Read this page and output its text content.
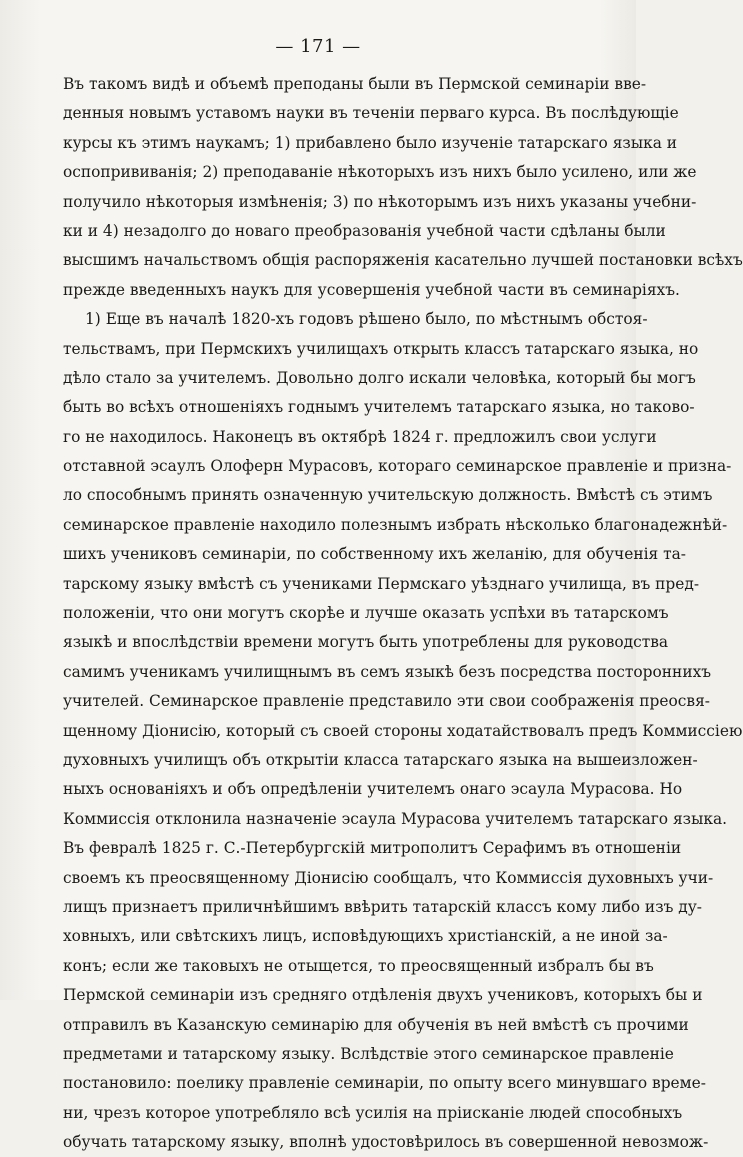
— 171 —
Въ такомъ видѣ и объемѣ преподаны были въ Пермской семинаріи вве-
денныя новымъ уставомъ науки въ теченіи перваго курса. Въ послѣдующіе
курсы къ этимъ наукамъ; 1) прибавлено было изученіе татарскаго языка и
оспопрививанія; 2) преподаваніе нѣкоторыхъ изъ нихъ было усилено, или же
получило нѣкоторыя измѣненія; 3) по нѣкоторымъ изъ нихъ указаны учебни-
ки и 4) незадолго до новаго преобразованія учебной части сдѣланы были
высшимъ начальствомъ общія распоряженія касательно лучшей постановки всѣхъ
прежде введенныхъ наукъ для усовершенія учебной части въ семинаріяхъ.
1) Еще въ началѣ 1820-хъ годовъ рѣшено было, по мѣстнымъ обстоя-
тельствамъ, при Пермскихъ училищахъ открыть классъ татарскаго языка, но
дѣло стало за учителемъ. Довольно долго искали человѣка, который бы могъ
быть во всѣхъ отношеніяхъ годнымъ учителемъ татарскаго языка, но таково-
го не находилось. Наконецъ въ октябрѣ 1824 г. предложилъ свои услуги
отставной эсаулъ Олоферн Мурасовъ, котораго семинарское правленіе и призна-
ло способнымъ принять означенную учительскую должность. Вмѣстѣ съ этимъ
семинарское правленіе находило полезнымъ избрать нѣсколько благонадежнѣй-
шихъ учениковъ семинаріи, по собственному ихъ желанію, для обученія та-
тарскому языку вмѣстѣ съ учениками Пермскаго уѣзднаго училища, въ пред-
положеніи, что они могутъ скорѣе и лучше оказать успѣхи въ татарскомъ
языкѣ и впослѣдствіи времени могутъ быть употреблены для руководства
самимъ ученикамъ училищнымъ въ семъ языкѣ безъ посредства постороннихъ
учителей. Семинарское правленіе представило эти свои соображенія преосвя-
щенному Діонисію, который съ своей стороны ходатайствовалъ предъ Коммиссіею
духовныхъ училищъ объ открытіи класса татарскаго языка на вышеизложен-
ныхъ основаніяхъ и объ опредѣленіи учителемъ онаго эсаула Мурасова. Но
Коммиссія отклонила назначеніе эсаула Мурасова учителемъ татарскаго языка.
Въ февралѣ 1825 г. С.-Петербургскій митрополитъ Серафимъ въ отношеніи
своемъ къ преосвященному Діонисію сообщалъ, что Коммиссія духовныхъ учи-
лищъ признаетъ приличнѣйшимъ ввѣрить татарскій классъ кому либо изъ ду-
ховныхъ, или свѣтскихъ лицъ, исповѣдующихъ христіанскій, а не иной за-
конъ; если же таковыхъ не отыщется, то преосвященный избралъ бы въ
Пермской семинаріи изъ средняго отдѣленія двухъ учениковъ, которыхъ бы и
отправилъ въ Казанскую семинарію для обученія въ ней вмѣстѣ съ прочими
предметами и татарскому языку. Вслѣдствіе этого семинарское правленіе
постановило: поелику правленіе семинаріи, по опыту всего минувшаго време-
ни, чрезъ которое употребляло всѣ усилія на пріисканіе людей способныхъ
обучать татарскому языку, вполнѣ удостовѣрилось въ совершенной невозмож-
